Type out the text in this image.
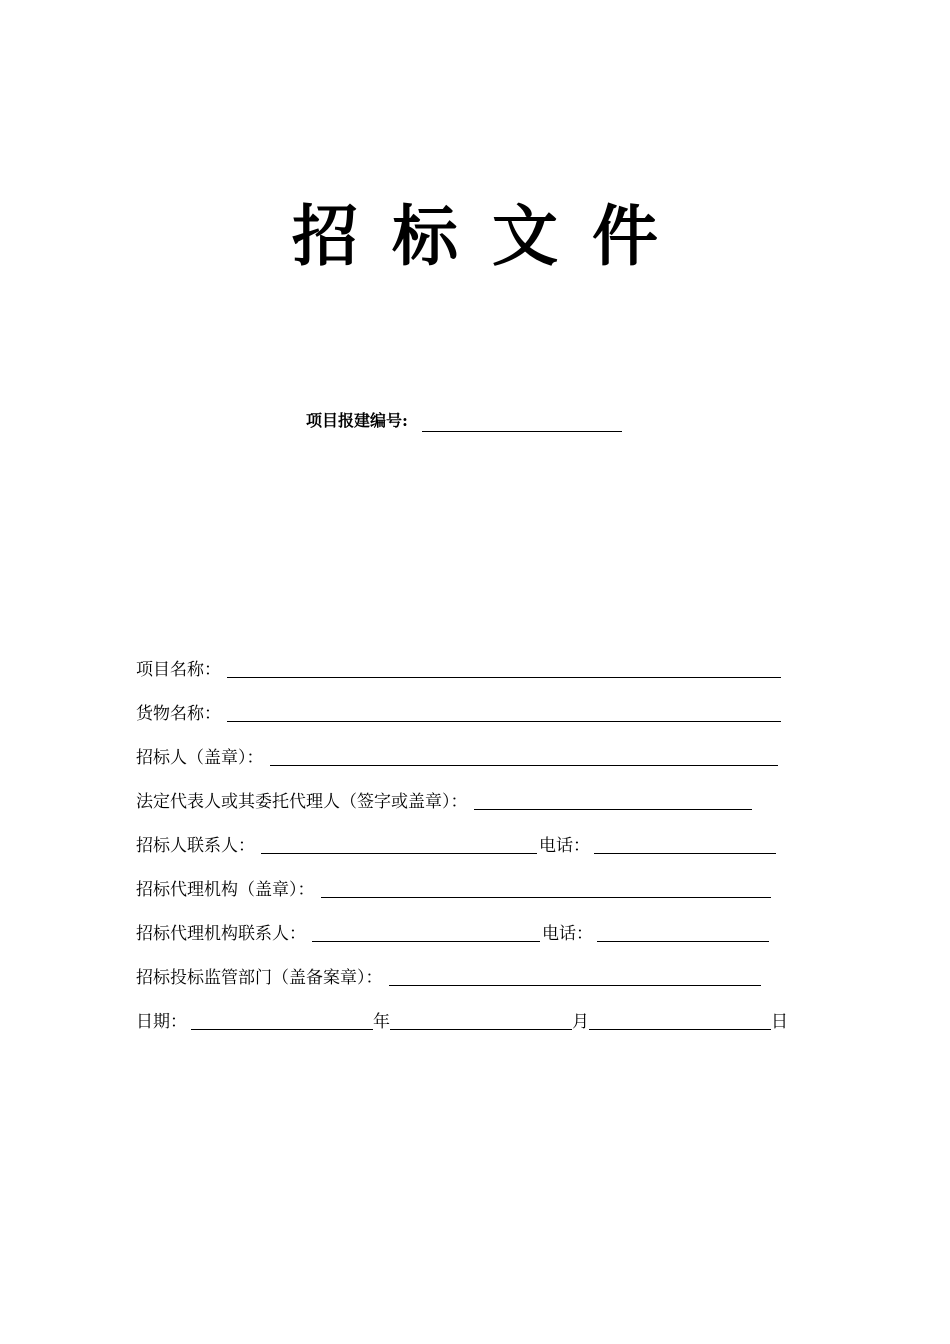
招标文件
项目报建编号:
项目名称：
货物名称：
招标人（盖章）：
法定代表人或其委托代理人（签字或盖章）：
招标人联系人：	电话：
招标代理机构（盖章）：
招标代理机构联系人：	电话：
招标投标监管部门（盖备案章）：
日期：	年	月	日
